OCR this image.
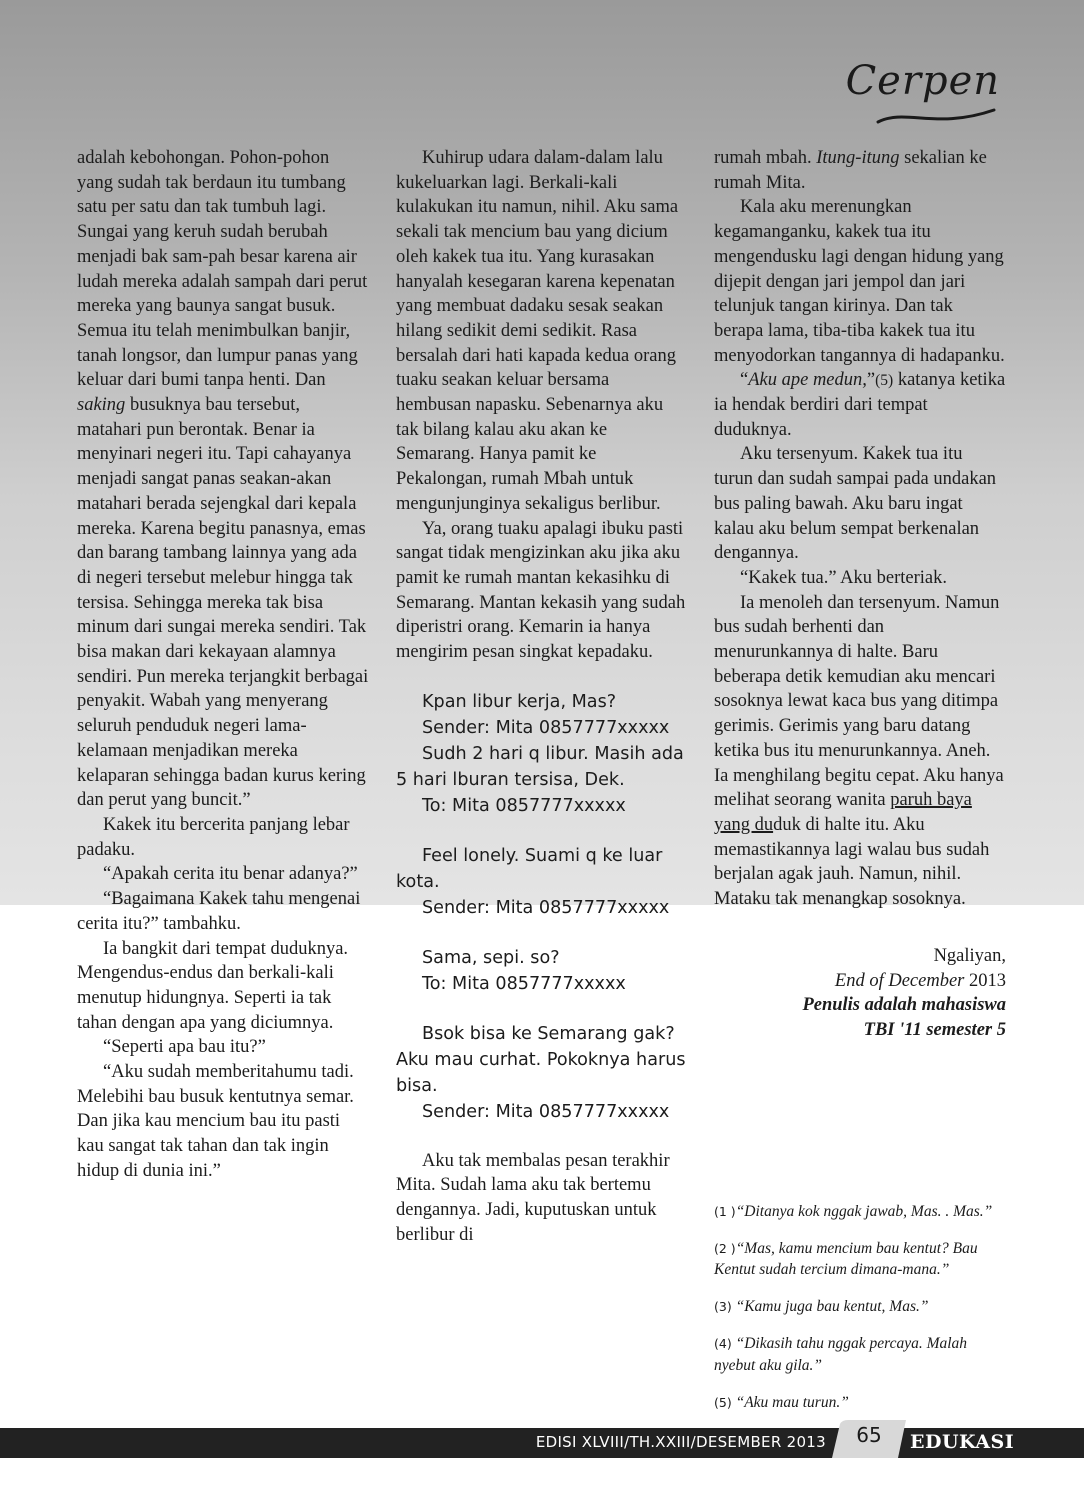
Cerpen

adalah kebohongan. Pohon-pohon yang sudah tak berdaun itu tumbang satu per satu dan tak tumbuh lagi. Sungai yang keruh sudah berubah menjadi bak sam-pah besar karena air ludah mereka adalah sampah dari perut mereka yang baunya sangat busuk. Semua itu telah menimbulkan banjir, tanah longsor, dan lumpur panas yang keluar dari bumi tanpa henti. Dan saking busuknya bau tersebut, matahari pun berontak. Benar ia menyinari negeri itu. Tapi cahayanya menjadi sangat panas seakan-akan matahari berada sejengkal dari kepala mereka. Karena begitu panasnya, emas dan barang tambang lainnya yang ada di negeri tersebut melebur hingga tak tersisa. Sehingga mereka tak bisa minum dari sungai mereka sendiri. Tak bisa makan dari kekayaan alamnya sendiri. Pun mereka terjangkit berbagai penyakit. Wabah yang menyerang seluruh penduduk negeri lama-kelamaan menjadikan mereka kelaparan sehingga badan kurus kering dan perut yang buncit.”

Kakek itu bercerita panjang lebar padaku.

“Apakah cerita itu benar adanya?”

“Bagaimana Kakek tahu mengenai cerita itu?” tambahku.

Ia bangkit dari tempat duduknya. Mengendus-endus dan berkali-kali menutup hidungnya. Seperti ia tak tahan dengan apa yang diciumnya.

“Seperti apa bau itu?”

“Aku sudah memberitahumu tadi. Melebihi bau busuk kentutnya semar. Dan jika kau mencium bau itu pasti kau sangat tak tahan dan tak ingin hidup di dunia ini.”

Kuhirup udara dalam-dalam lalu kukeluarkan lagi. Berkali-kali kulakukan itu namun, nihil. Aku sama sekali tak mencium bau yang dicium oleh kakek tua itu. Yang kurasakan hanyalah kesegaran karena kepenatan yang membuat dadaku sesak seakan hilang sedikit demi sedikit. Rasa bersalah dari hati kapada kedua orang tuaku seakan keluar bersama hembusan napasku. Sebenarnya aku tak bilang kalau aku akan ke Semarang. Hanya pamit ke Pekalongan, rumah Mbah untuk mengunjunginya sekaligus berlibur.

Ya, orang tuaku apalagi ibuku pasti sangat tidak mengizinkan aku jika aku pamit ke rumah mantan kekasihku di Semarang. Mantan kekasih yang sudah diperistri orang. Kemarin ia hanya mengirim pesan singkat kepadaku.

Kpan libur kerja, Mas?

Sender: Mita 0857777xxxxx

Sudh 2 hari q libur. Masih ada 5 hari lburan tersisa, Dek.

To: Mita 0857777xxxxx

Feel lonely. Suami q ke luar kota.

Sender: Mita 0857777xxxxx

Sama, sepi. so?

To: Mita 0857777xxxxx

Bsok bisa ke Semarang gak? Aku mau curhat. Pokoknya harus bisa.

Sender: Mita 0857777xxxxx

Aku tak membalas pesan terakhir Mita. Sudah lama aku tak bertemu dengannya. Jadi, kuputuskan untuk berlibur di

rumah mbah. Itung-itung sekalian ke rumah Mita.

Kala aku merenungkan kegamanganku, kakek tua itu mengendusku lagi dengan hidung yang dijepit dengan jari jempol dan jari telunjuk tangan kirinya. Dan tak berapa lama, tiba-tiba kakek tua itu menyodorkan tangannya di hadapanku.

“Aku ape medun,”(5) katanya ketika ia hendak berdiri dari tempat duduknya.

Aku tersenyum. Kakek tua itu turun dan sudah sampai pada undakan bus paling bawah. Aku baru ingat kalau aku belum sempat berkenalan dengannya.

“Kakek tua.” Aku berteriak.

Ia menoleh dan tersenyum. Namun bus sudah berhenti dan menurunkannya di halte. Baru beberapa detik kemudian aku mencari sosoknya lewat kaca bus yang ditimpa gerimis. Gerimis yang baru datang ketika bus itu menurunkannya. Aneh. Ia menghilang begitu cepat. Aku hanya melihat seorang wanita paruh baya yang duduk di halte itu. Aku memastikannya lagi walau bus sudah berjalan agak jauh. Namun, nihil. Mataku tak menangkap sosoknya.

Ngaliyan,

End of December 2013

Penulis adalah mahasiswa

TBI '11 semester 5

(1 )“Ditanya kok nggak jawab, Mas. . Mas.”

(2 )“Mas, kamu mencium bau kentut? Bau Kentut sudah tercium dimana-mana.”

(3) “Kamu juga bau kentut, Mas.”

(4) “Dikasih tahu nggak percaya. Malah nyebut aku gila.”

(5) “Aku mau turun.”

EDISI XLVIII/TH.XXIII/DESEMBER 2013	65	EDUKASI
